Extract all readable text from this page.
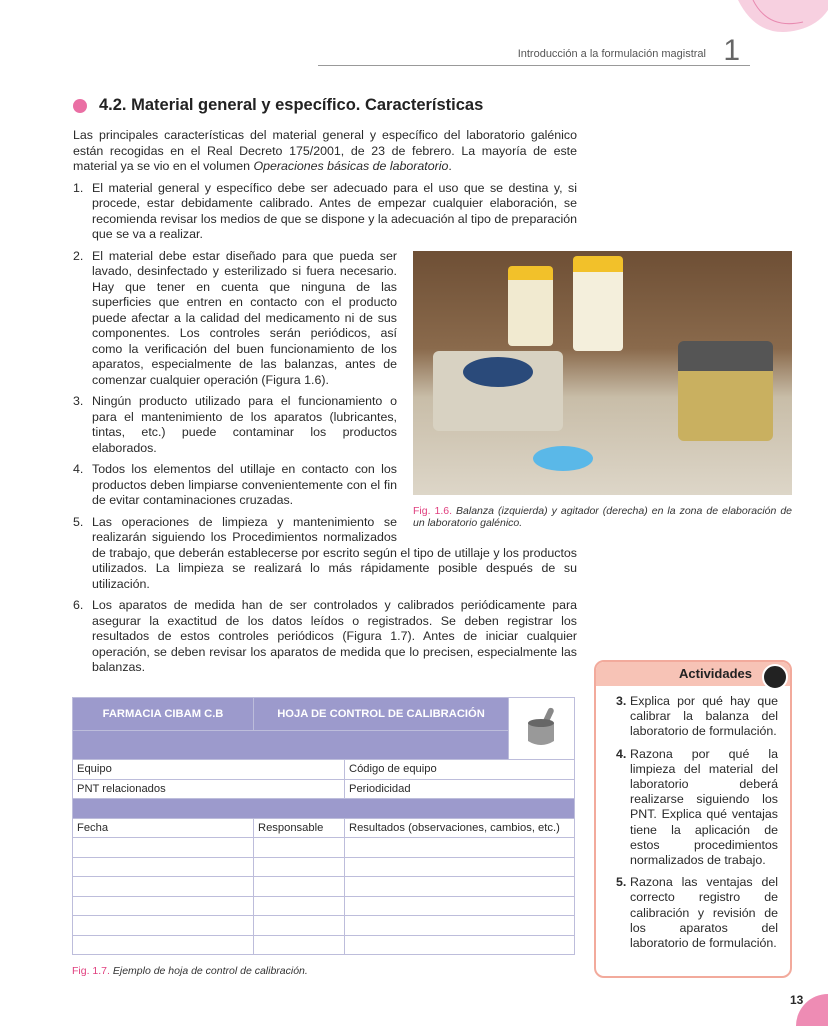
Introducción a la formulación magistral 1
4.2. Material general y específico. Características

Las principales características del material general y específico del laboratorio galénico están recogidas en el Real Decreto 175/2001, de 23 de febrero. La mayoría de este material ya se vio en el volumen Operaciones básicas de laboratorio.

1. El material general y específico debe ser adecuado para el uso que se destina y, si procede, estar debidamente calibrado. Antes de empezar cualquier elaboración, se recomienda revisar los medios de que se dispone y la adecuación al tipo de preparación que se va a realizar.
Fig. 1.6. Balanza (izquierda) y agitador (derecha) en la zona de elaboración de un laboratorio galénico.
2. El material debe estar diseñado para que pueda ser lavado, desinfectado y esterilizado si fuera necesario. Hay que tener en cuenta que ninguna de las superficies que entren en contacto con el producto puede afectar a la calidad del medicamento ni de sus componentes. Los controles serán periódicos, así como la verificación del buen funcionamiento de los aparatos, especialmente de las balanzas, antes de comenzar cualquier operación (Figura 1.6).
3. Ningún producto utilizado para el funcionamiento o para el mantenimiento de los aparatos (lubricantes, tintas, etc.) puede contaminar los productos elaborados.
4. Todos los elementos del utillaje en contacto con los productos deben limpiarse convenientemente con el fin de evitar contaminaciones cruzadas.
5. Las operaciones de limpieza y mantenimiento se realizarán siguiendo los Procedimientos normalizados de trabajo, que deberán establecerse por escrito según el tipo de utillaje y los productos utilizados. La limpieza se realizará lo más rápidamente posible después de su utilización.
6. Los aparatos de medida han de ser controlados y calibrados periódicamente para asegurar la exactitud de los datos leídos o registrados. Se deben registrar los resultados de estos controles periódicos (Figura 1.7). Antes de iniciar cualquier operación, se deben revisar los aparatos de medida que lo precisen, especialmente las balanzas.
FARMACIA CIBAM C.B	HOJA DE CONTROL DE CALIBRACIÓN	

Equipo		Código de equipo	
PNT relacionados		Periodicidad	

Fecha	Responsable	Resultados (observaciones, cambios, etc.)	

Fig. 1.7. Ejemplo de hoja de control de calibración.
Actividades
3. Explica por qué hay que calibrar la balanza del laboratorio de formulación.
4. Razona por qué la limpieza del material del laboratorio deberá realizarse siguiendo los PNT. Explica qué ventajas tiene la aplicación de estos procedimientos normalizados de trabajo.
5. Razona las ventajas del correcto registro de calibración y revisión de los aparatos del laboratorio de formulación.
13
